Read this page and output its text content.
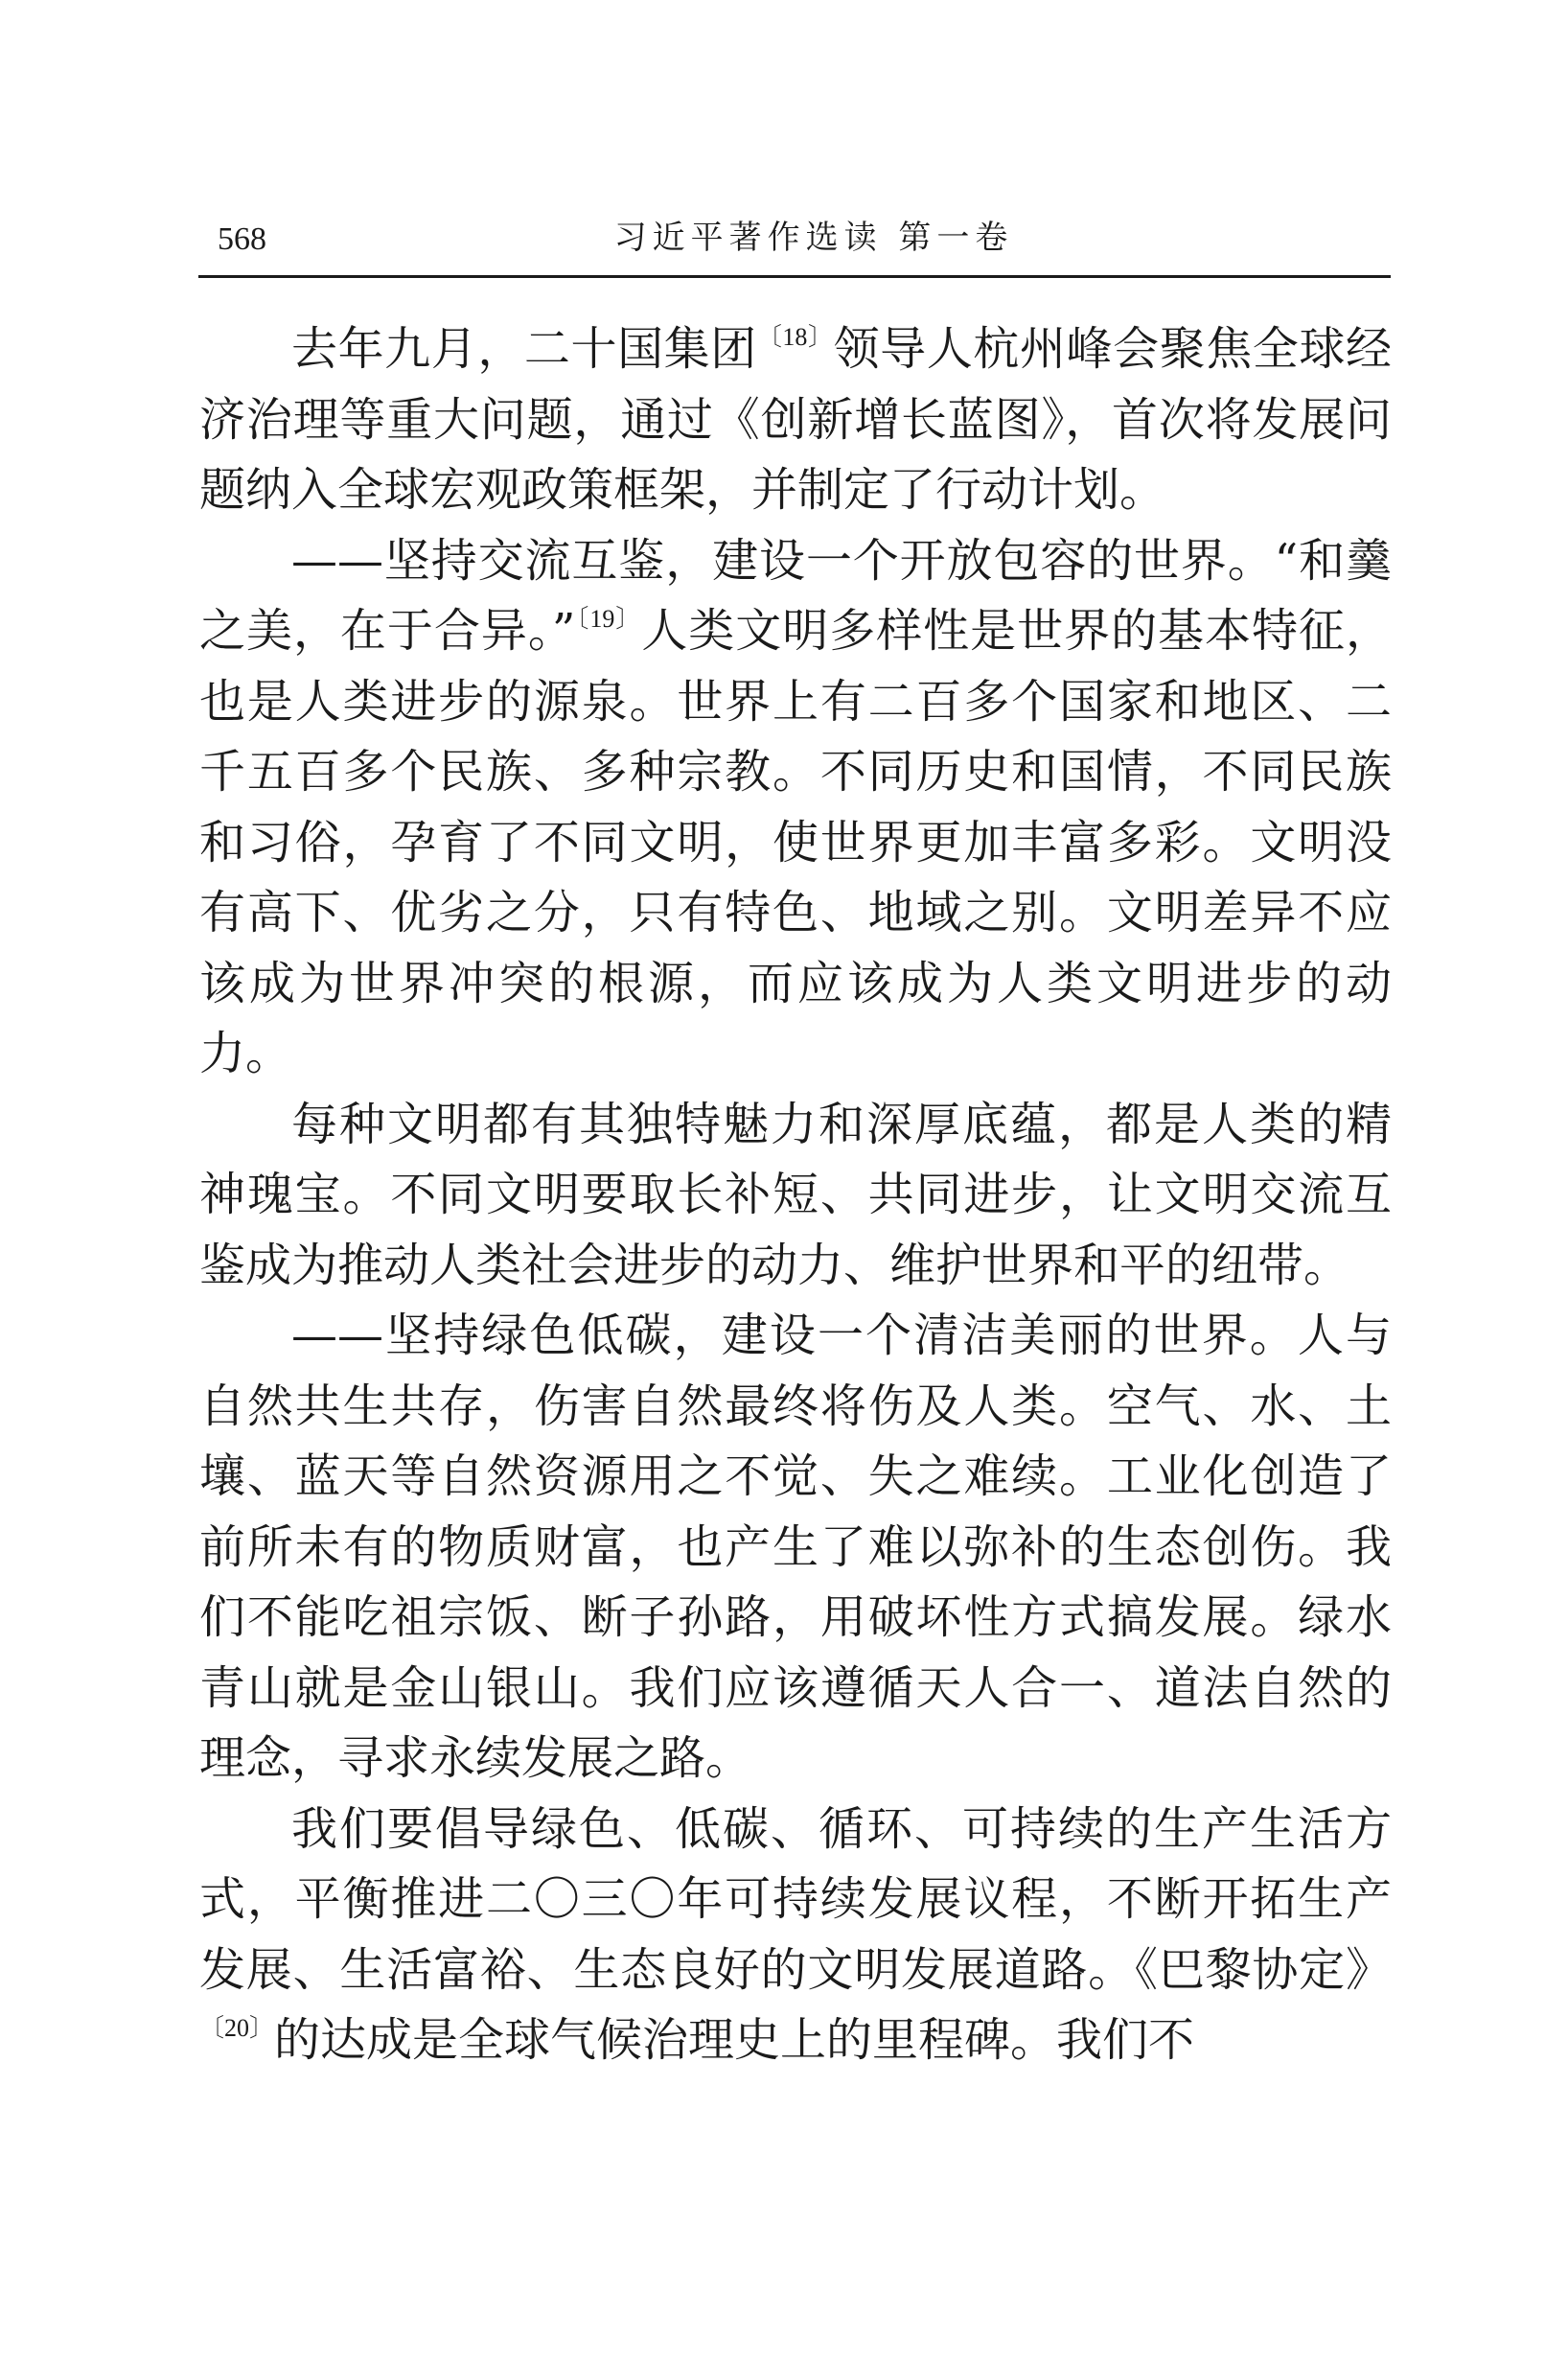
568	习近平著作选读 第一卷

去年九月，二十国集团$^{〔18〕}$领导人杭州峰会聚焦全球经济治理等重大问题，通过《创新增长蓝图》，首次将发展问题纳入全球宏观政策框架，并制定了行动计划。

——坚持交流互鉴，建设一个开放包容的世界。“和羹之美，在于合异。”$^{〔19〕}$人类文明多样性是世界的基本特征，也是人类进步的源泉。世界上有二百多个国家和地区、二千五百多个民族、多种宗教。不同历史和国情，不同民族和习俗，孕育了不同文明，使世界更加丰富多彩。文明没有高下、优劣之分，只有特色、地域之别。文明差异不应该成为世界冲突的根源，而应该成为人类文明进步的动力。

每种文明都有其独特魅力和深厚底蕴，都是人类的精神瑰宝。不同文明要取长补短、共同进步，让文明交流互鉴成为推动人类社会进步的动力、维护世界和平的纽带。

——坚持绿色低碳，建设一个清洁美丽的世界。人与自然共生共存，伤害自然最终将伤及人类。空气、水、土壤、蓝天等自然资源用之不觉、失之难续。工业化创造了前所未有的物质财富，也产生了难以弥补的生态创伤。我们不能吃祖宗饭、断子孙路，用破坏性方式搞发展。绿水青山就是金山银山。我们应该遵循天人合一、道法自然的理念，寻求永续发展之路。

我们要倡导绿色、低碳、循环、可持续的生产生活方式，平衡推进二〇三〇年可持续发展议程，不断开拓生产发展、生活富裕、生态良好的文明发展道路。《巴黎协定》$^{〔20〕}$的达成是全球气候治理史上的里程碑。我们不
